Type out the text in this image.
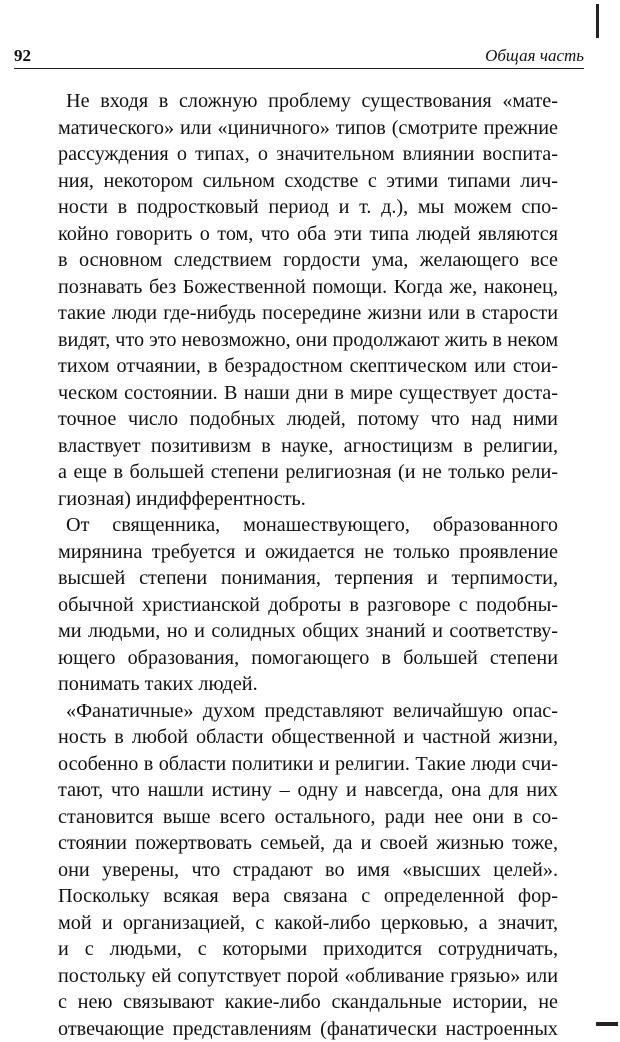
92	Общая часть
Не входя в сложную проблему существования «мате-
матического» или «циничного» типов (смотрите прежние
рассуждения о типах, о значительном влиянии воспита-
ния, некотором сильном сходстве с этими типами лич-
ности в подростковый период и т. д.), мы можем спо-
койно говорить о том, что оба эти типа людей являются
в основном следствием гордости ума, желающего все
познавать без Божественной помощи. Когда же, наконец,
такие люди где-нибудь посередине жизни или в старости
видят, что это невозможно, они продолжают жить в неком
тихом отчаянии, в безрадостном скептическом или стои-
ческом состоянии. В наши дни в мире существует доста-
точное число подобных людей, потому что над ними
властвует позитивизм в науке, агностицизм в религии,
а еще в большей степени религиозная (и не только рели-
гиозная) индифферентность.
От священника, монашествующего, образованного
мирянина требуется и ожидается не только проявление
высшей степени понимания, терпения и терпимости,
обычной христианской доброты в разговоре с подобны-
ми людьми, но и солидных общих знаний и соответству-
ющего образования, помогающего в большей степени
понимать таких людей.
«Фанатичные» духом представляют величайшую опас-
ность в любой области общественной и частной жизни,
особенно в области политики и религии. Такие люди счи-
тают, что нашли истину – одну и навсегда, она для них
становится выше всего остального, ради нее они в со-
стоянии пожертвовать семьей, да и своей жизнью тоже,
они уверены, что страдают во имя «высших целей».
Поскольку всякая вера связана с определенной фор-
мой и организацией, с какой-либо церковью, а значит,
и с людьми, с которыми приходится сотрудничать,
постольку ей сопутствует порой «обливание грязью» или
с нею связывают какие-либо скандальные истории, не
отвечающие представлениям (фанатически настроенных
